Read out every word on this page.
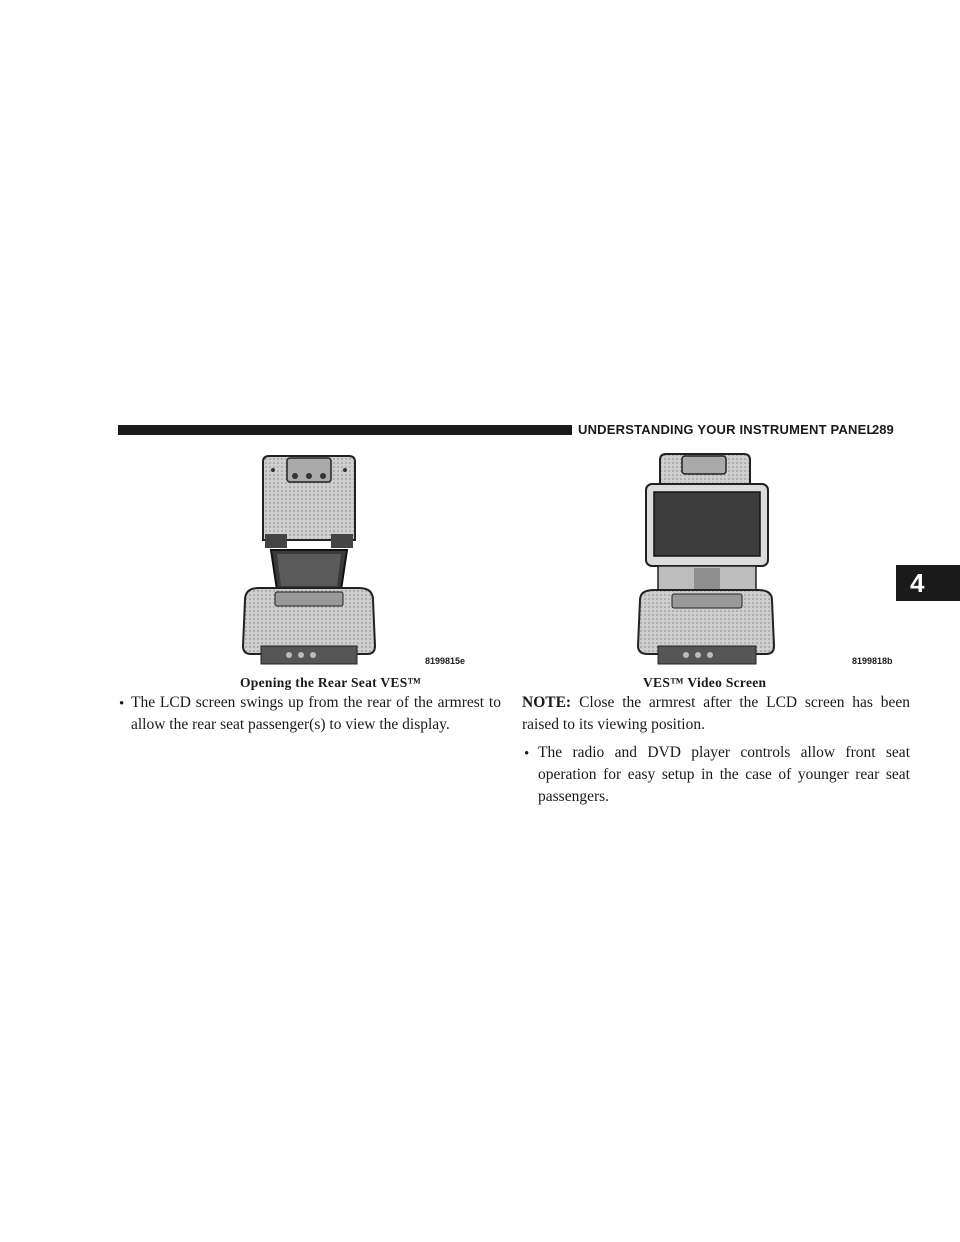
UNDERSTANDING YOUR INSTRUMENT PANEL
289
4
8199815e
Opening the Rear Seat VES™
8199818b
VES™ Video Screen
• The LCD screen swings up from the rear of the armrest to allow the rear seat passenger(s) to view the display.
NOTE: Close the armrest after the LCD screen has been raised to its viewing position.
• The radio and DVD player controls allow front seat operation for easy setup in the case of younger rear seat passengers.
